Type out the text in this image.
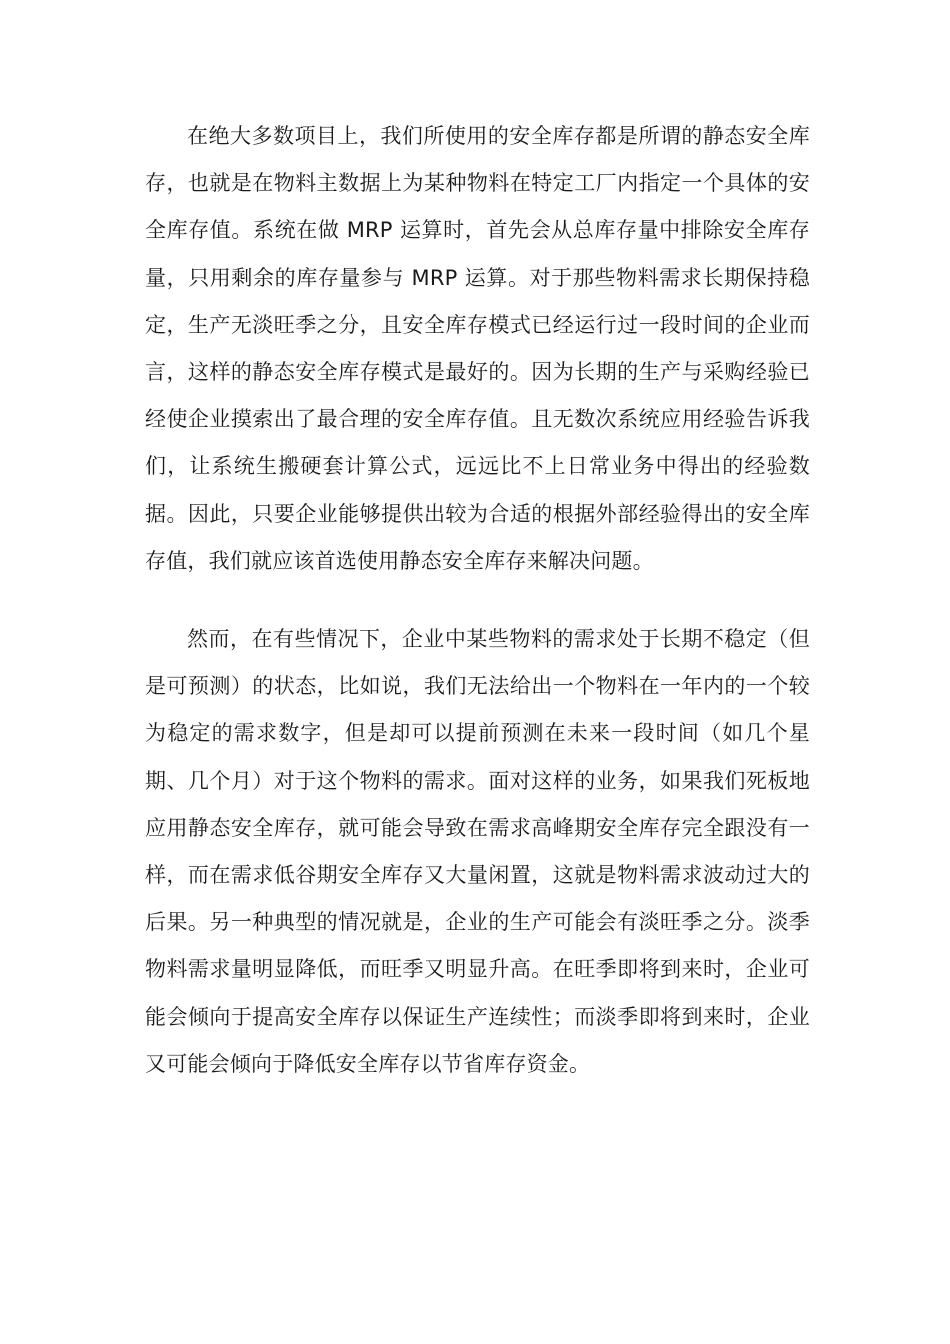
在绝大多数项目上，我们所使用的安全库存都是所谓的静态安全库存，也就是在物料主数据上为某种物料在特定工厂内指定一个具体的安全库存值。系统在做 MRP 运算时，首先会从总库存量中排除安全库存量，只用剩余的库存量参与 MRP 运算。对于那些物料需求长期保持稳定，生产无淡旺季之分，且安全库存模式已经运行过一段时间的企业而言，这样的静态安全库存模式是最好的。因为长期的生产与采购经验已经使企业摸索出了最合理的安全库存值。且无数次系统应用经验告诉我们，让系统生搬硬套计算公式，远远比不上日常业务中得出的经验数据。因此，只要企业能够提供出较为合适的根据外部经验得出的安全库存值，我们就应该首选使用静态安全库存来解决问题。

然而，在有些情况下，企业中某些物料的需求处于长期不稳定（但是可预测）的状态，比如说，我们无法给出一个物料在一年内的一个较为稳定的需求数字，但是却可以提前预测在未来一段时间（如几个星期、几个月）对于这个物料的需求。面对这样的业务，如果我们死板地应用静态安全库存，就可能会导致在需求高峰期安全库存完全跟没有一样，而在需求低谷期安全库存又大量闲置，这就是物料需求波动过大的后果。另一种典型的情况就是，企业的生产可能会有淡旺季之分。淡季物料需求量明显降低，而旺季又明显升高。在旺季即将到来时，企业可能会倾向于提高安全库存以保证生产连续性；而淡季即将到来时，企业又可能会倾向于降低安全库存以节省库存资金。
